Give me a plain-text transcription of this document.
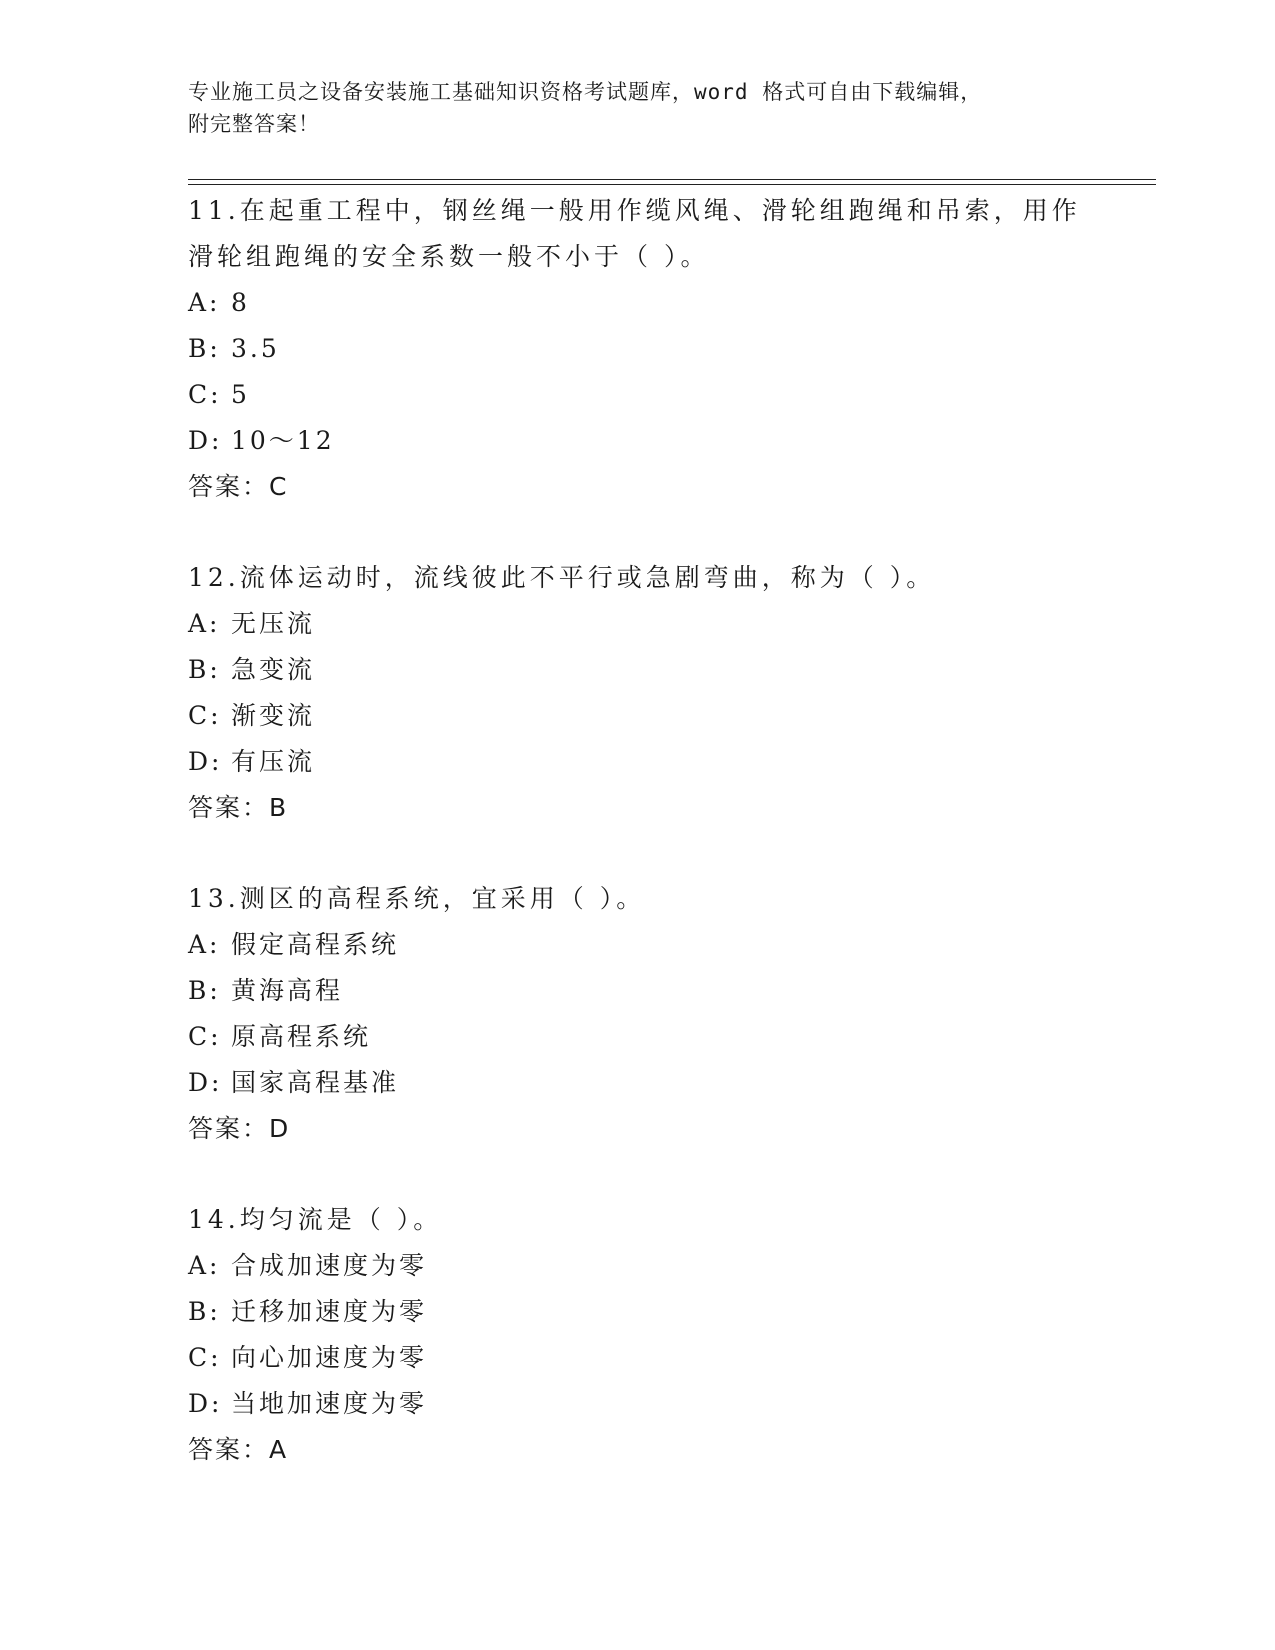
专业施工员之设备安装施工基础知识资格考试题库，word 格式可自由下载编辑，
附完整答案！

11.在起重工程中，钢丝绳一般用作缆风绳、滑轮组跑绳和吊索，用作

滑轮组跑绳的安全系数一般不小于（ ）。

A: 8

B: 3.5

C: 5

D: 10～12

答案：C

12.流体运动时，流线彼此不平行或急剧弯曲，称为（ ）。

A: 无压流

B: 急变流

C: 渐变流

D: 有压流

答案：B

13.测区的高程系统，宜采用（ ）。

A: 假定高程系统

B: 黄海高程

C: 原高程系统

D: 国家高程基准

答案：D

14.均匀流是（ ）。

A: 合成加速度为零

B: 迁移加速度为零

C: 向心加速度为零

D: 当地加速度为零

答案：A
